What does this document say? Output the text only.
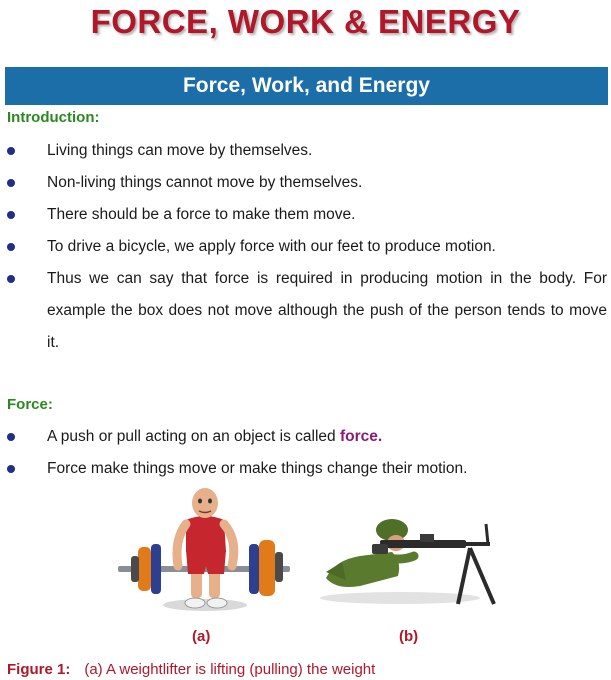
FORCE, WORK & ENERGY
Force, Work, and Energy
Introduction:
Living things can move by themselves.
Non-living things cannot move by themselves.
There should be a force to make them move.
To drive a bicycle, we apply force with our feet to produce motion.
Thus we can say that force is required in producing motion in the body. For example the box does not move although the push of the person tends to move it.
Force:
A push or pull acting on an object is called force.
Force make things move or make things change their motion.
(a)	(b)
Figure 1: (a) A weightlifter is lifting (pulling) the weight
